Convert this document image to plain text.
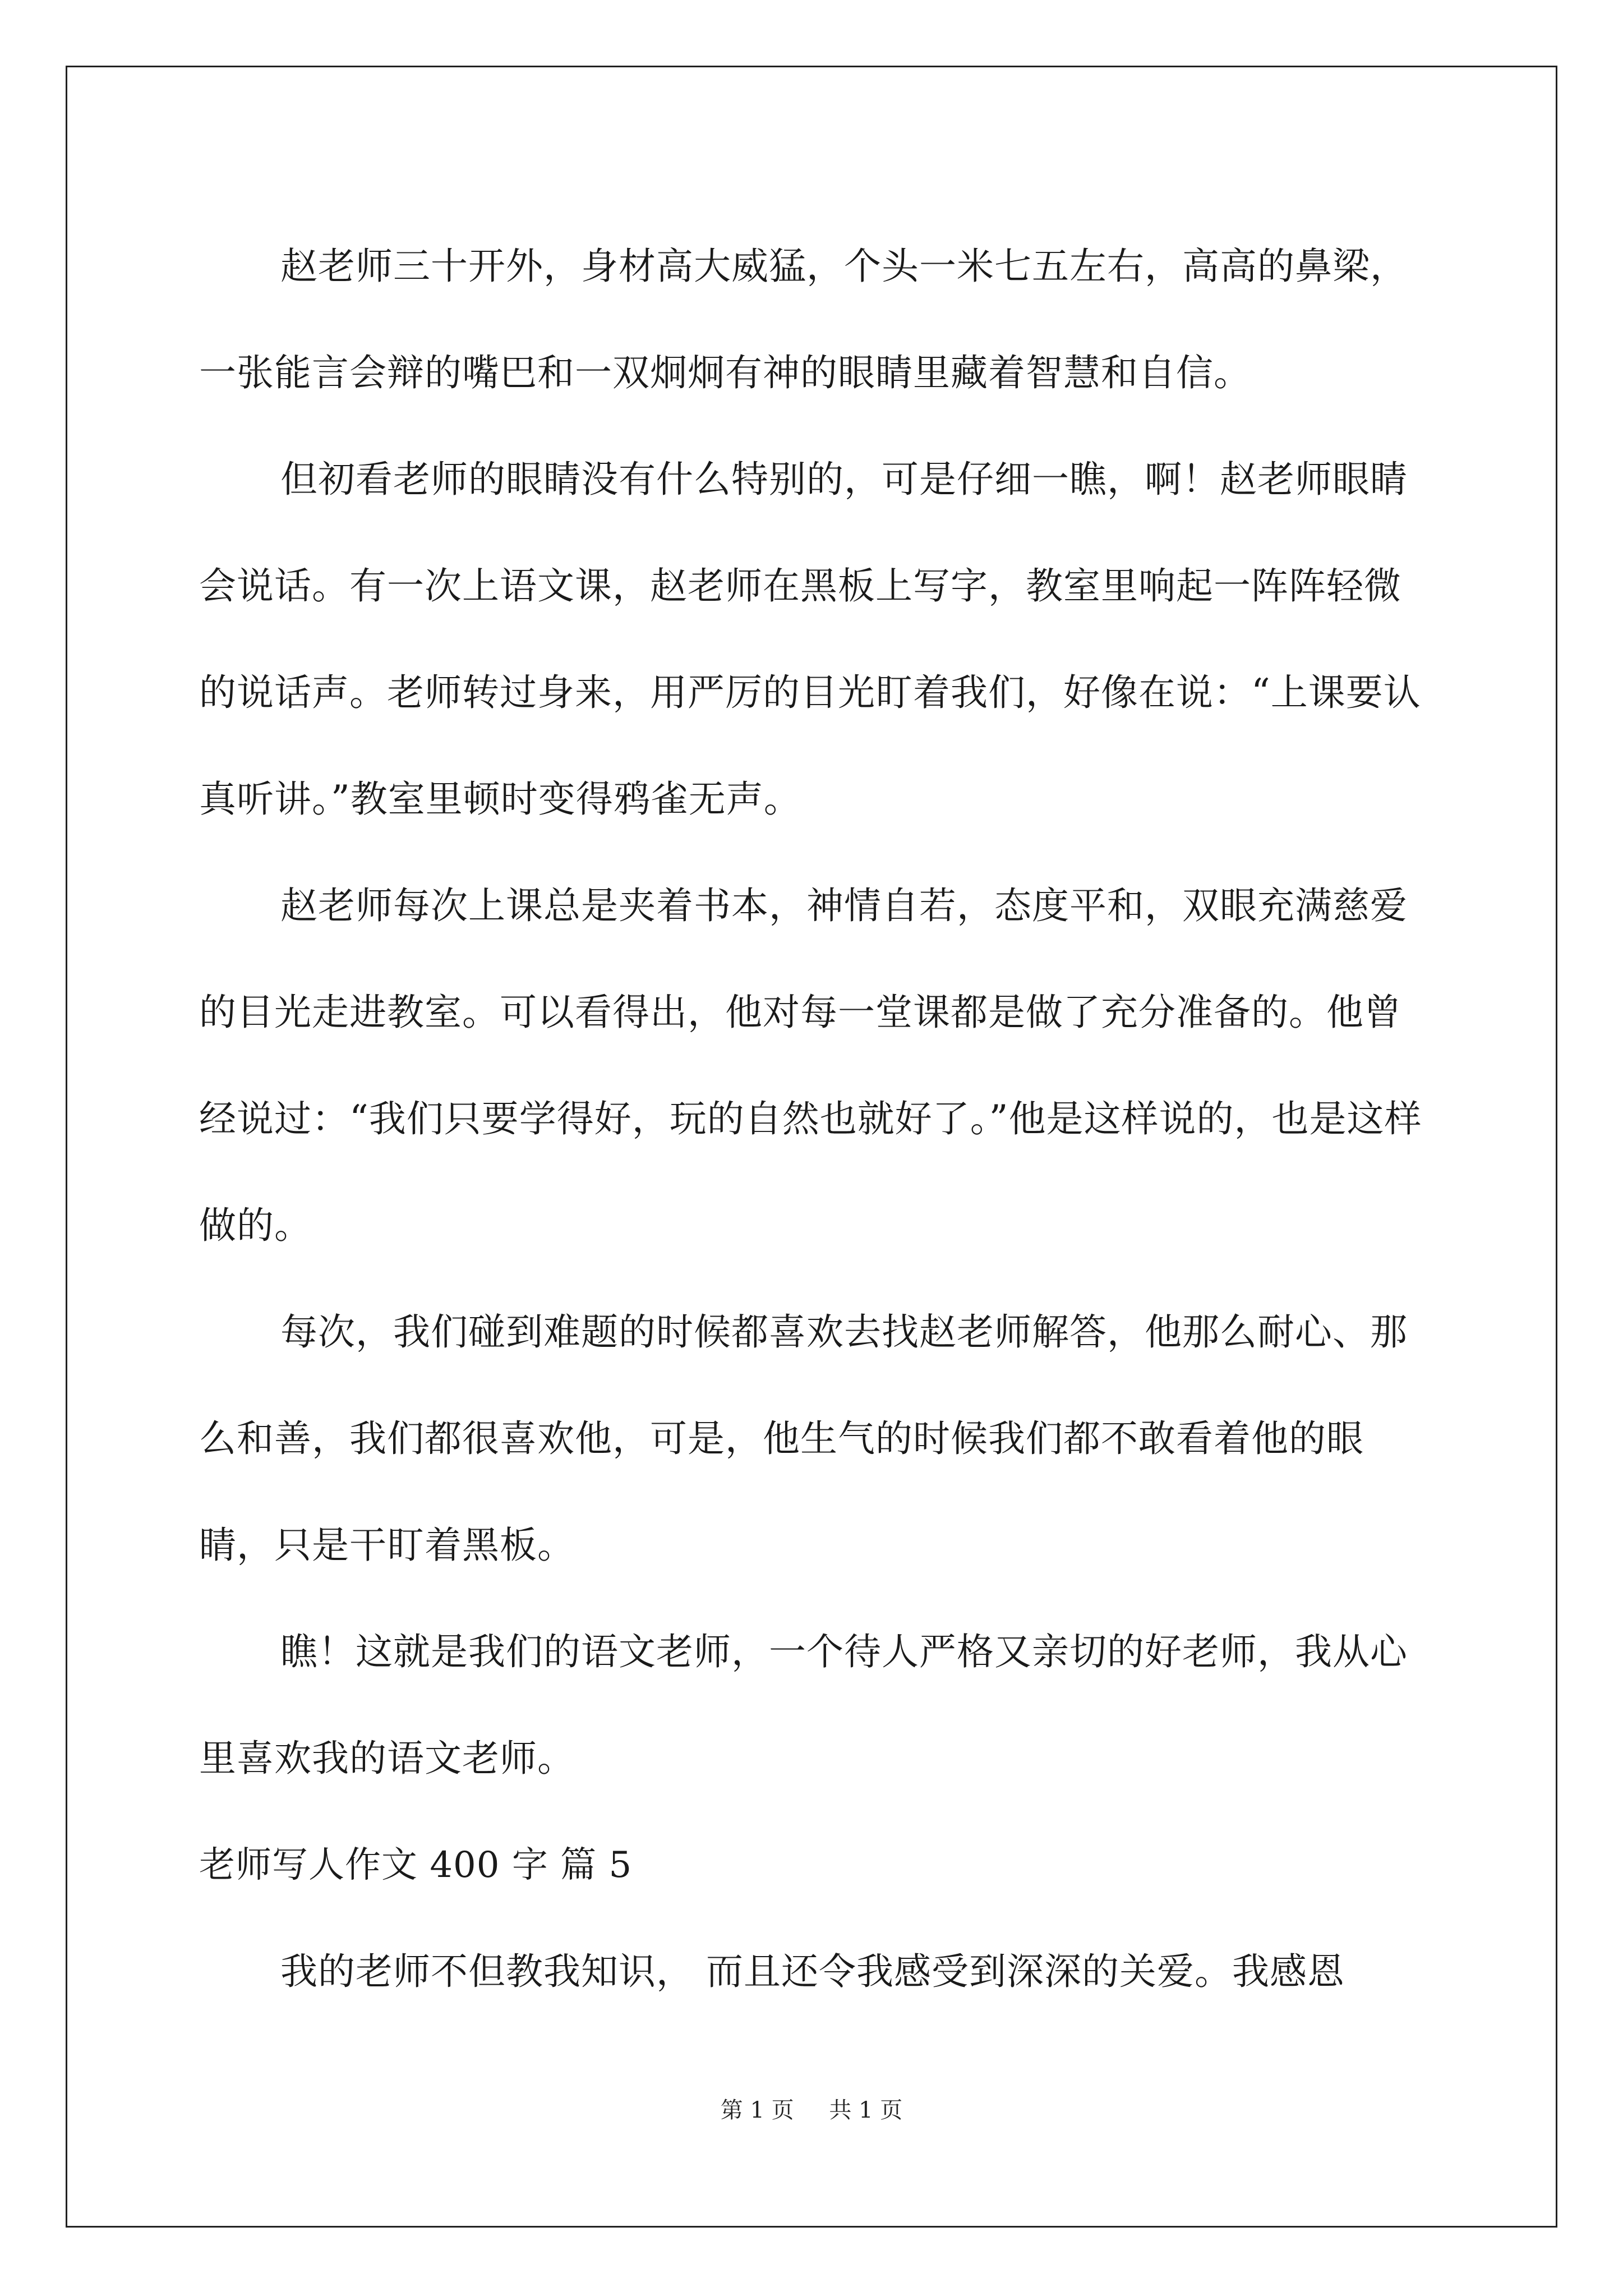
赵老师三十开外，身材高大威猛，个头一米七五左右，高高的鼻梁，一张能言会辩的嘴巴和一双炯炯有神的眼睛里藏着智慧和自信。

但初看老师的眼睛没有什么特别的，可是仔细一瞧，啊！赵老师眼睛会说话。有一次上语文课，赵老师在黑板上写字，教室里响起一阵阵轻微的说话声。老师转过身来，用严厉的目光盯着我们，好像在说：“上课要认真听讲。”教室里顿时变得鸦雀无声。

赵老师每次上课总是夹着书本，神情自若，态度平和，双眼充满慈爱的目光走进教室。可以看得出，他对每一堂课都是做了充分准备的。他曾经说过：“我们只要学得好，玩的自然也就好了。”他是这样说的，也是这样做的。

每次，我们碰到难题的时候都喜欢去找赵老师解答，他那么耐心、那么和善，我们都很喜欢他，可是，他生气的时候我们都不敢看着他的眼睛，只是干盯着黑板。

瞧！这就是我们的语文老师，一个待人严格又亲切的好老师，我从心里喜欢我的语文老师。

老师写人作文 400 字 篇 5

我的老师不但教我知识， 而且还令我感受到深深的关爱。我感恩

第 1 页 共 1 页
